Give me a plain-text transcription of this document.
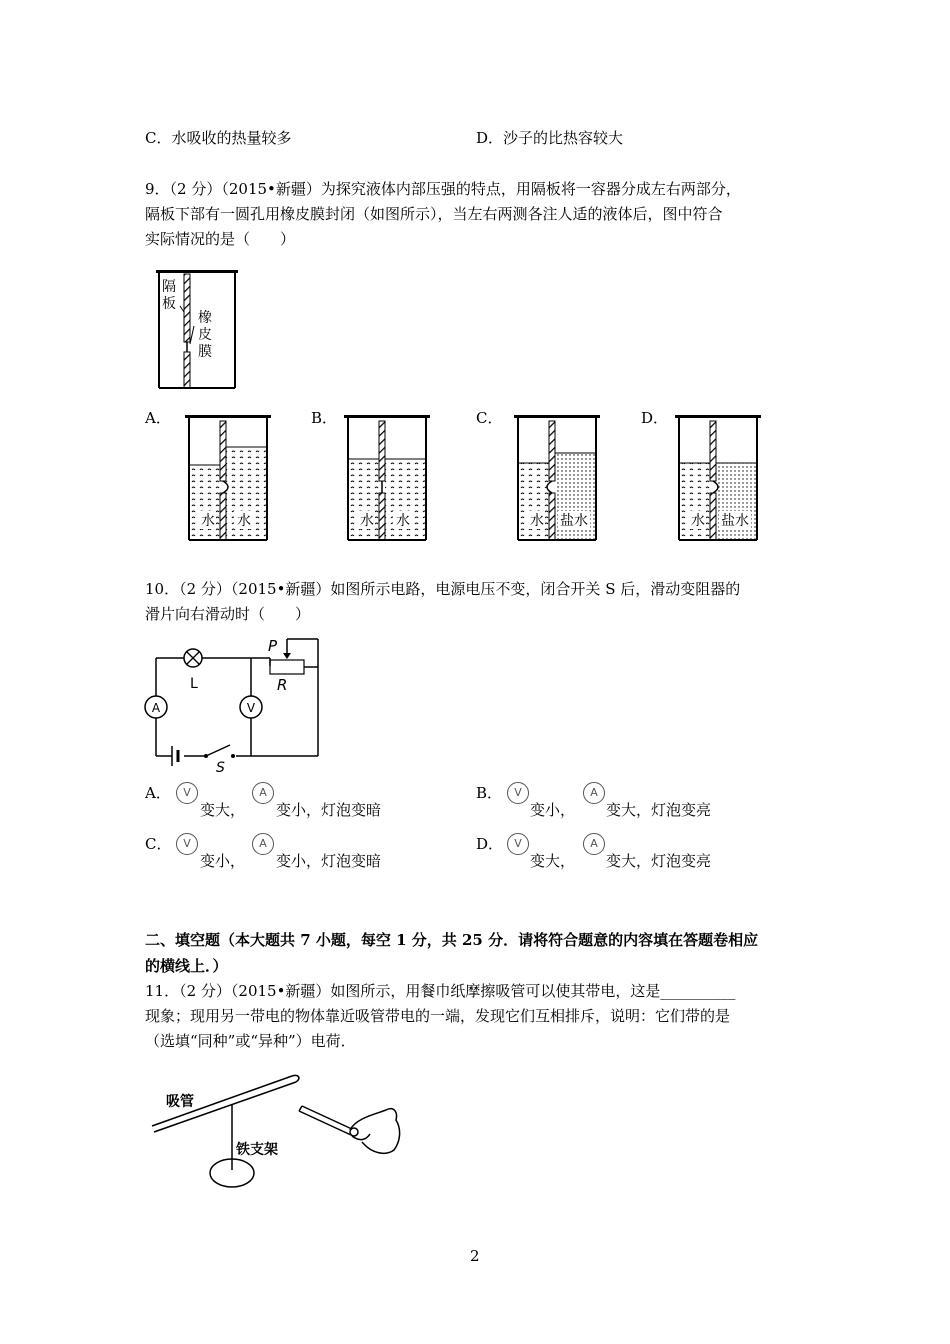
C．水吸收的热量较多	D．沙子的比热容较大
9．（2 分）（2015•新疆）为探究液体内部压强的特点，用隔板将一容器分成左右两部分，
隔板下部有一圆孔用橡皮膜封闭（如图所示），当左右两测各注人适的液体后，图中符合
实际情况的是（　　）
隔
板
橡
皮
膜
A．	B．	C．	D．
水 水	水 水	水 盐水	水 盐水
10．（2 分）（2015•新疆）如图所示电路，电源电压不变，闭合开关 S 后，滑动变阻器的
滑片向右滑动时（　　）
A	V
L
P
R
S
A．	V
变大，
A
变小，灯泡变暗
B．	V
变小，
A
变大，灯泡变亮
C．	V
变小，
A
变小，灯泡变暗
D．	V
变大，
A
变大，灯泡变亮
二、填空题（本大题共 7 小题，每空 1 分，共 25 分．请将符合题意的内容填在答题卷相应
的横线上．）
11．（2 分）（2015•新疆）如图所示，用餐巾纸摩擦吸管可以使其带电，这是__________
现象；现用另一带电的物体靠近吸管带电的一端，发现它们互相排斥，说明：它们带的是
（选填“同种”或“异种”）电荷．
吸管
铁支架
2
